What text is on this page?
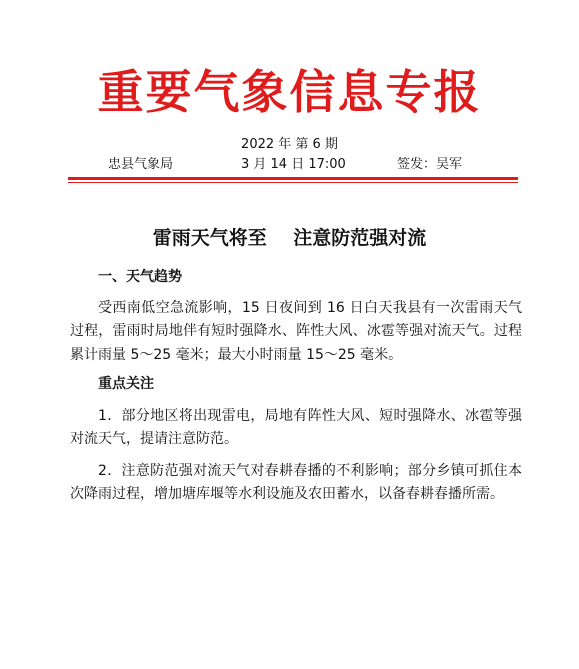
重要气象信息专报
2022 年 第 6 期
忠县气象局	3 月 14 日 17:00	签发：吴军
雷雨天气将至    注意防范强对流

一、天气趋势

受西南低空急流影响，15 日夜间到 16 日白天我县有一次雷雨天气过程，雷雨时局地伴有短时强降水、阵性大风、冰雹等强对流天气。过程累计雨量 5～25 毫米；最大小时雨量 15～25 毫米。

重点关注

1．部分地区将出现雷电，局地有阵性大风、短时强降水、冰雹等强对流天气，提请注意防范。

2．注意防范强对流天气对春耕春播的不利影响；部分乡镇可抓住本次降雨过程，增加塘库堰等水利设施及农田蓄水，以备春耕春播所需。
